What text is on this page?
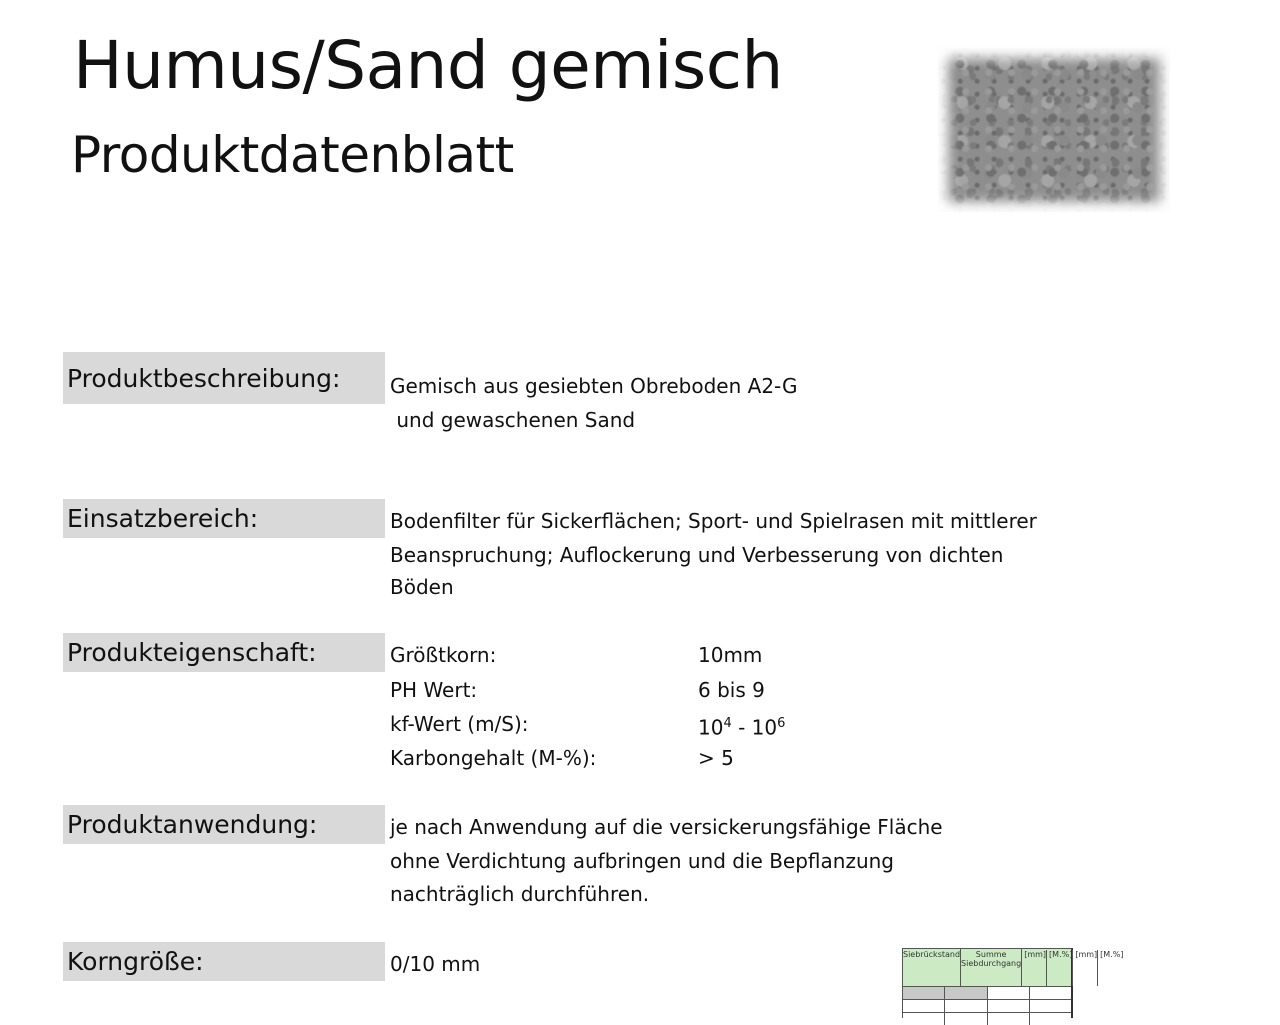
Humus/Sand gemisch
Produktdatenblatt
Produktbeschreibung:	Gemisch aus gesiebten Obreboden A2-G
und gewaschenen Sand
Einsatzbereich:	Bodenfilter für Sickerflächen; Sport- und Spielrasen mit mittlerer
Beanspruchung; Auflockerung und Verbesserung von dichten
Böden
Produkteigenschaft:	Größtkorn:	10mm
PH Wert:	6 bis 9
kf-Wert (m/S):	$10^4 - 10^6$
Karbongehalt (M-%):	> 5
Produktanwendung:	je nach Anwendung auf die versickerungsfähige Fläche
ohne Verdichtung aufbringen und die Bepflanzung
nachträglich durchführen.
Korngröße:	0/10 mm	Siebrückstand	Summe
Siebdurchgang
[mm] [M.%] [mm] [M.%]
